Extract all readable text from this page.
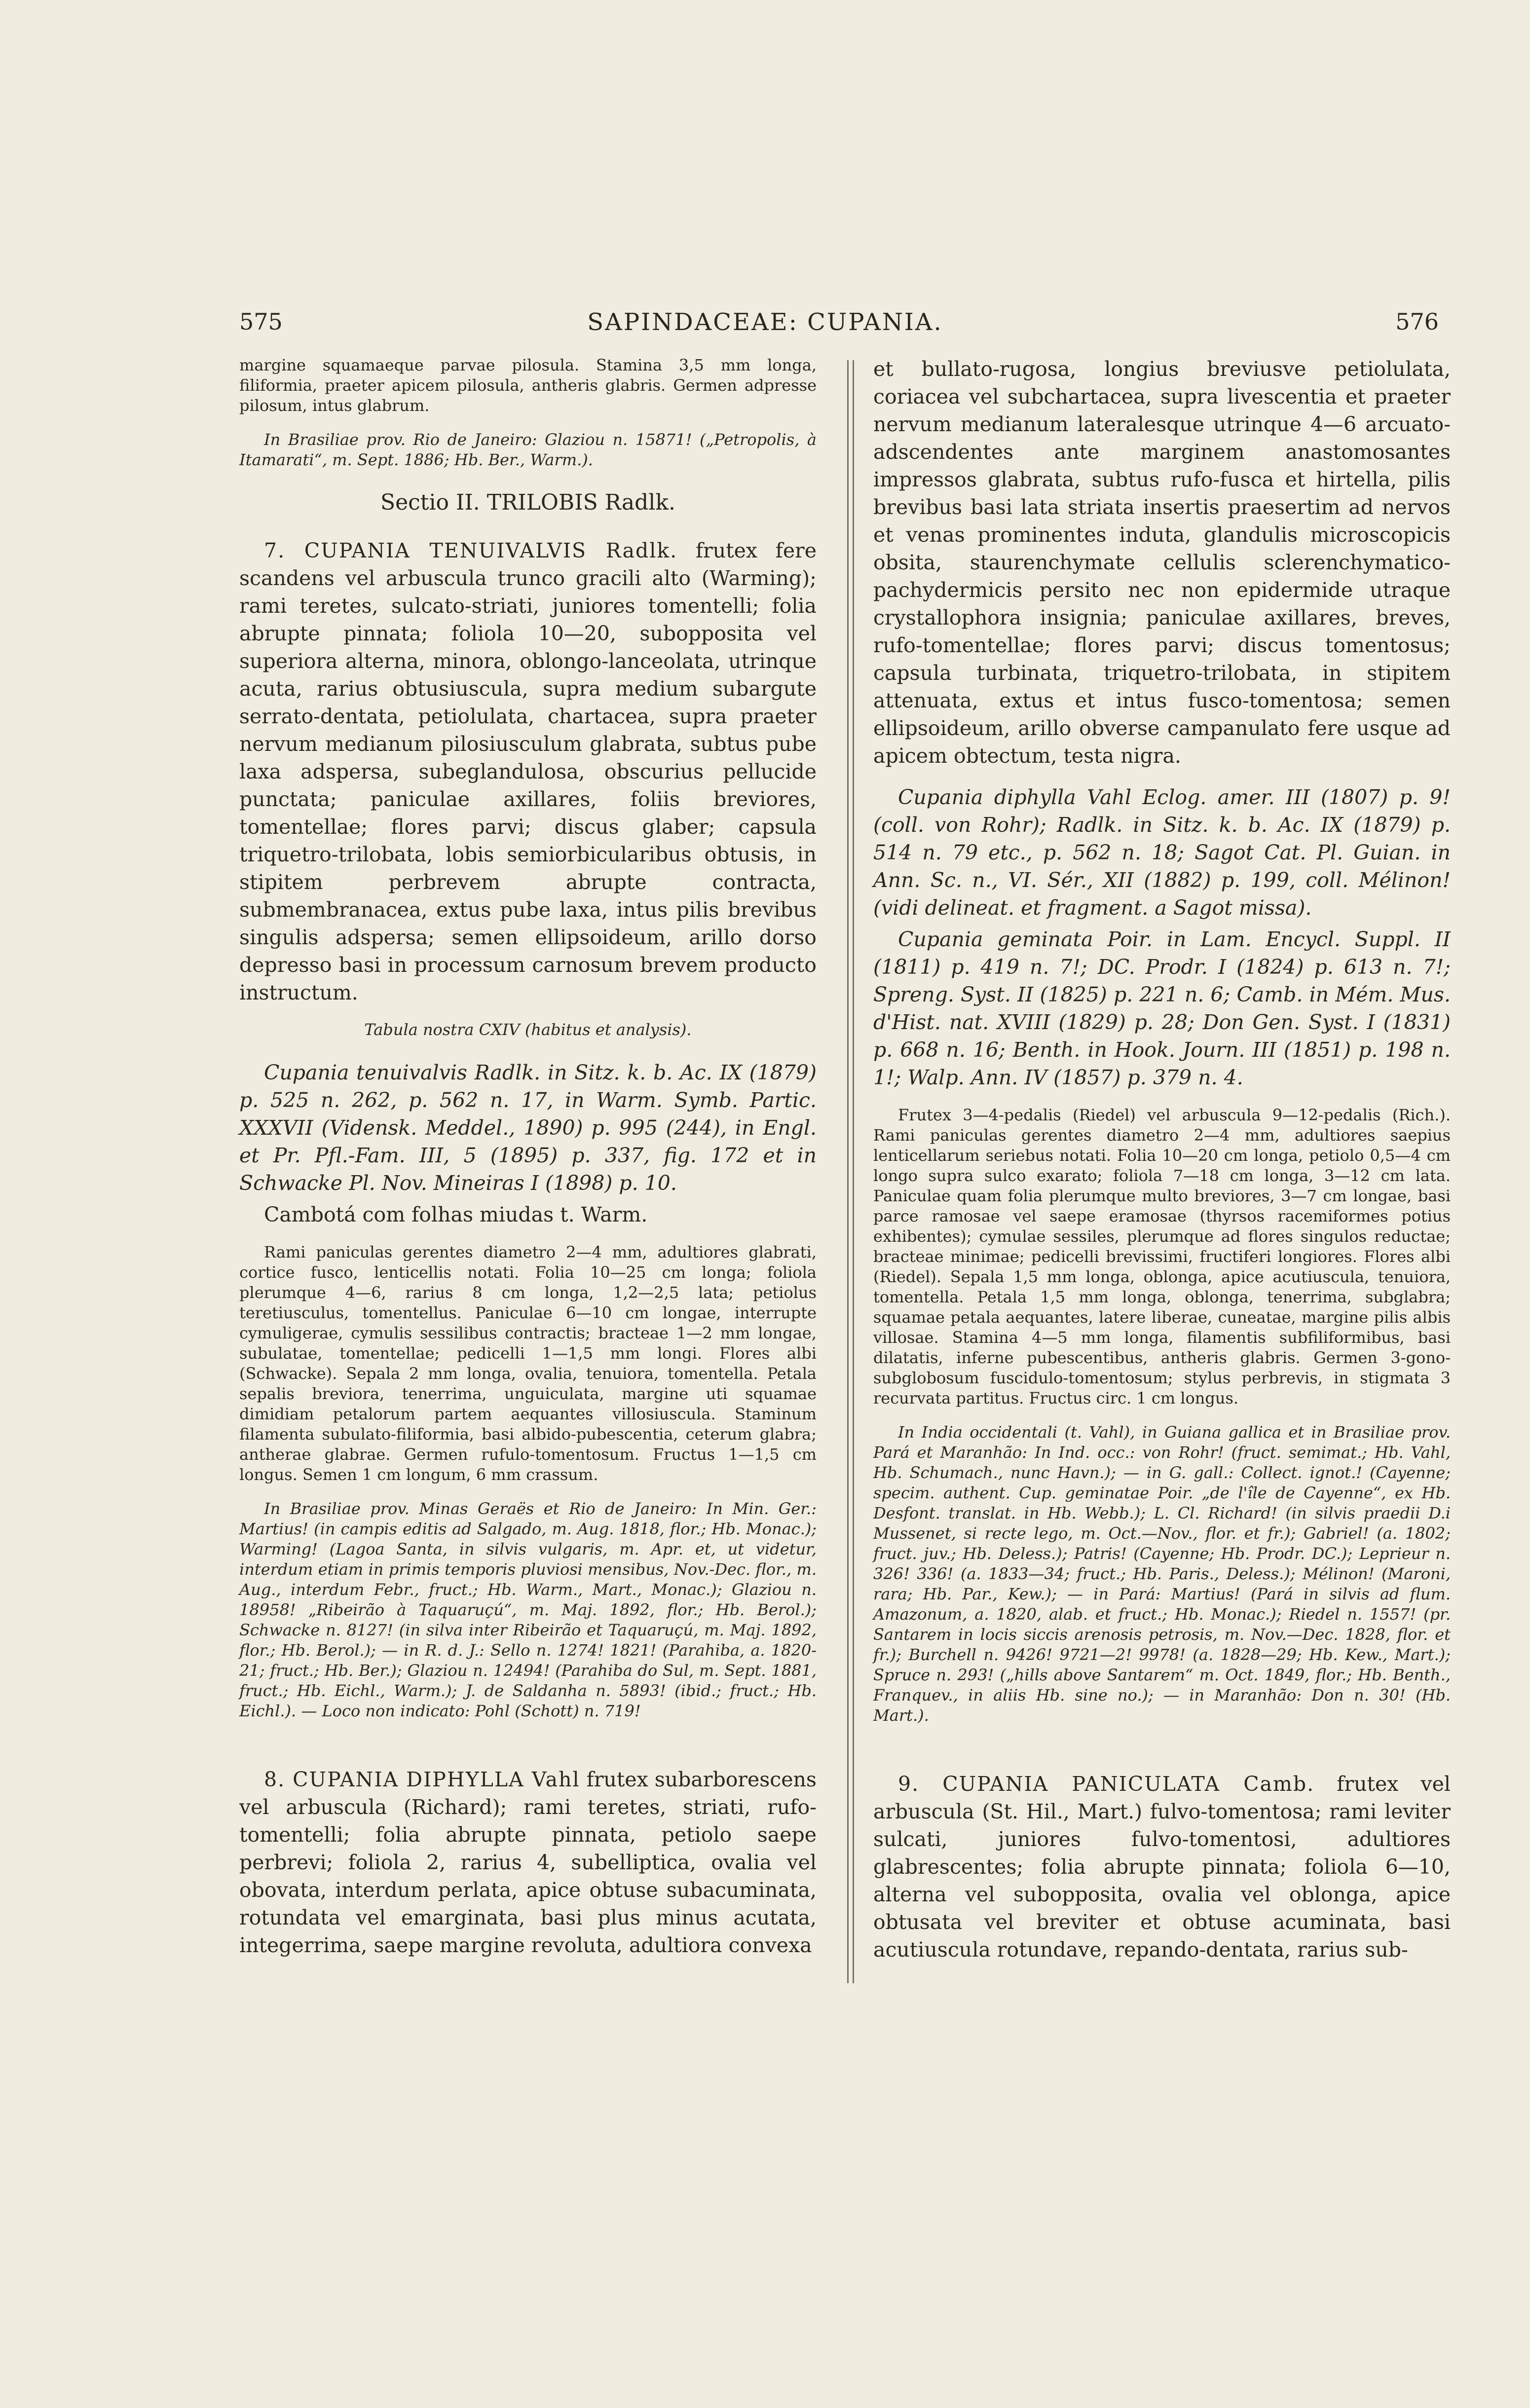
575	SAPINDACEAE: CUPANIA.	576

margine squamaeque parvae pilosula. Stamina 3,5 mm longa, filiformia, praeter apicem pilosula, antheris glabris. Germen adpresse pilosum, intus glabrum.

In Brasiliae prov. Rio de Janeiro: Glaziou n. 15871! („Petropolis, à Itamarati“, m. Sept. 1886; Hb. Ber., Warm.).

Sectio II. TRILOBIS Radlk.

7. CUPANIA TENUIVALVIS Radlk. frutex fere scandens vel arbuscula trunco gracili alto (Warming); rami teretes, sulcato-striati, juniores tomentelli; folia abrupte pinnata; foliola 10—20, subopposita vel superiora alterna, minora, oblongo-lanceolata, utrinque acuta, rarius obtusiuscula, supra medium subargute serrato-dentata, petiolulata, chartacea, supra praeter nervum medianum pilosiusculum glabrata, subtus pube laxa adspersa, subeglandulosa, obscurius pellucide punctata; paniculae axillares, foliis breviores, tomentellae; flores parvi; discus glaber; capsula triquetro-trilobata, lobis semiorbicularibus obtusis, in stipitem perbrevem abrupte contracta, submembranacea, extus pube laxa, intus pilis brevibus singulis adspersa; semen ellipsoideum, arillo dorso depresso basi in processum carnosum brevem producto instructum.

Tabula nostra CXIV (habitus et analysis).

Cupania tenuivalvis Radlk. in Sitz. k. b. Ac. IX (1879) p. 525 n. 262, p. 562 n. 17, in Warm. Symb. Partic. XXXVII (Vidensk. Meddel., 1890) p. 995 (244), in Engl. et Pr. Pfl.-Fam. III, 5 (1895) p. 337, fig. 172 et in Schwacke Pl. Nov. Mineiras I (1898) p. 10.

Cambotá com folhas miudas t. Warm.

Rami paniculas gerentes diametro 2—4 mm, adultiores glabrati, cortice fusco, lenticellis notati. Folia 10—25 cm longa; foliola plerumque 4—6, rarius 8 cm longa, 1,2—2,5 lata; petiolus teretiusculus, tomentellus. Paniculae 6—10 cm longae, interrupte cymuligerae, cymulis sessilibus contractis; bracteae 1—2 mm longae, subulatae, tomentellae; pedicelli 1—1,5 mm longi. Flores albi (Schwacke). Sepala 2 mm longa, ovalia, tenuiora, tomentella. Petala sepalis breviora, tenerrima, unguiculata, margine uti squamae dimidiam petalorum partem aequantes villosiuscula. Staminum filamenta subulato-filiformia, basi albido-pubescentia, ceterum glabra; antherae glabrae. Germen rufulo-tomentosum. Fructus 1—1,5 cm longus. Semen 1 cm longum, 6 mm crassum.

In Brasiliae prov. Minas Geraës et Rio de Janeiro: In Min. Ger.: Martius! (in campis editis ad Salgado, m. Aug. 1818, flor.; Hb. Monac.); Warming! (Lagoa Santa, in silvis vulgaris, m. Apr. et, ut videtur, interdum etiam in primis temporis pluviosi mensibus, Nov.-Dec. flor., m. Aug., interdum Febr., fruct.; Hb. Warm., Mart., Monac.); Glaziou n. 18958! „Ribeirão à Taquaruçú“, m. Maj. 1892, flor.; Hb. Berol.); Schwacke n. 8127! (in silva inter Ribeirão et Taquaruçú, m. Maj. 1892, flor.; Hb. Berol.); — in R. d. J.: Sello n. 1274! 1821! (Parahiba, a. 1820-21; fruct.; Hb. Ber.); Glaziou n. 12494! (Parahiba do Sul, m. Sept. 1881, fruct.; Hb. Eichl., Warm.); J. de Saldanha n. 5893! (ibid.; fruct.; Hb. Eichl.). — Loco non indicato: Pohl (Schott) n. 719!

8. CUPANIA DIPHYLLA Vahl frutex subarborescens vel arbuscula (Richard); rami teretes, striati, rufo-tomentelli; folia abrupte pinnata, petiolo saepe perbrevi; foliola 2, rarius 4, subelliptica, ovalia vel obovata, interdum perlata, apice obtuse subacuminata, rotundata vel emarginata, basi plus minus acutata, integerrima, saepe margine revoluta, adultiora convexa

et bullato-rugosa, longius breviusve petiolulata, coriacea vel subchartacea, supra livescentia et praeter nervum medianum lateralesque utrinque 4—6 arcuato-adscendentes ante marginem anastomosantes impressos glabrata, subtus rufo-fusca et hirtella, pilis brevibus basi lata striata insertis praesertim ad nervos et venas prominentes induta, glandulis microscopicis obsita, staurenchymate cellulis sclerenchymatico-pachydermicis persito nec non epidermide utraque crystallophora insignia; paniculae axillares, breves, rufo-tomentellae; flores parvi; discus tomentosus; capsula turbinata, triquetro-trilobata, in stipitem attenuata, extus et intus fusco-tomentosa; semen ellipsoideum, arillo obverse campanulato fere usque ad apicem obtectum, testa nigra.

Cupania diphylla Vahl Eclog. amer. III (1807) p. 9! (coll. von Rohr); Radlk. in Sitz. k. b. Ac. IX (1879) p. 514 n. 79 etc., p. 562 n. 18; Sagot Cat. Pl. Guian. in Ann. Sc. n., VI. Sér., XII (1882) p. 199, coll. Mélinon! (vidi delineat. et fragment. a Sagot missa).

Cupania geminata Poir. in Lam. Encycl. Suppl. II (1811) p. 419 n. 7!; DC. Prodr. I (1824) p. 613 n. 7!; Spreng. Syst. II (1825) p. 221 n. 6; Camb. in Mém. Mus. d'Hist. nat. XVIII (1829) p. 28; Don Gen. Syst. I (1831) p. 668 n. 16; Benth. in Hook. Journ. III (1851) p. 198 n. 1!; Walp. Ann. IV (1857) p. 379 n. 4.

Frutex 3—4-pedalis (Riedel) vel arbuscula 9—12-pedalis (Rich.). Rami paniculas gerentes diametro 2—4 mm, adultiores saepius lenticellarum seriebus notati. Folia 10—20 cm longa, petiolo 0,5—4 cm longo supra sulco exarato; foliola 7—18 cm longa, 3—12 cm lata. Paniculae quam folia plerumque multo breviores, 3—7 cm longae, basi parce ramosae vel saepe eramosae (thyrsos racemiformes potius exhibentes); cymulae sessiles, plerumque ad flores singulos reductae; bracteae minimae; pedicelli brevissimi, fructiferi longiores. Flores albi (Riedel). Sepala 1,5 mm longa, oblonga, apice acutiuscula, tenuiora, tomentella. Petala 1,5 mm longa, oblonga, tenerrima, subglabra; squamae petala aequantes, latere liberae, cuneatae, margine pilis albis villosae. Stamina 4—5 mm longa, filamentis subfiliformibus, basi dilatatis, inferne pubescentibus, antheris glabris. Germen 3-gono-subglobosum fuscidulo-tomentosum; stylus perbrevis, in stigmata 3 recurvata partitus. Fructus circ. 1 cm longus.

In India occidentali (t. Vahl), in Guiana gallica et in Brasiliae prov. Pará et Maranhão: In Ind. occ.: von Rohr! (fruct. semimat.; Hb. Vahl, Hb. Schumach., nunc Havn.); — in G. gall.: Collect. ignot.! (Cayenne; specim. authent. Cup. geminatae Poir. „de l'île de Cayenne“, ex Hb. Desfont. translat. in Hb. Webb.); L. Cl. Richard! (in silvis praedii D.i Mussenet, si recte lego, m. Oct.—Nov., flor. et fr.); Gabriel! (a. 1802; fruct. juv.; Hb. Deless.); Patris! (Cayenne; Hb. Prodr. DC.); Leprieur n. 326! 336! (a. 1833—34; fruct.; Hb. Paris., Deless.); Mélinon! (Maroni, rara; Hb. Par., Kew.); — in Pará: Martius! (Pará in silvis ad flum. Amazonum, a. 1820, alab. et fruct.; Hb. Monac.); Riedel n. 1557! (pr. Santarem in locis siccis arenosis petrosis, m. Nov.—Dec. 1828, flor. et fr.); Burchell n. 9426! 9721—2! 9978! (a. 1828—29; Hb. Kew., Mart.); Spruce n. 293! („hills above Santarem“ m. Oct. 1849, flor.; Hb. Benth., Franquev., in aliis Hb. sine no.); — in Maranhão: Don n. 30! (Hb. Mart.).

9. CUPANIA PANICULATA Camb. frutex vel arbuscula (St. Hil., Mart.) fulvo-tomentosa; rami leviter sulcati, juniores fulvo-tomentosi, adultiores glabrescentes; folia abrupte pinnata; foliola 6—10, alterna vel subopposita, ovalia vel oblonga, apice obtusata vel breviter et obtuse acuminata, basi acutiuscula rotundave, repando-dentata, rarius sub-
